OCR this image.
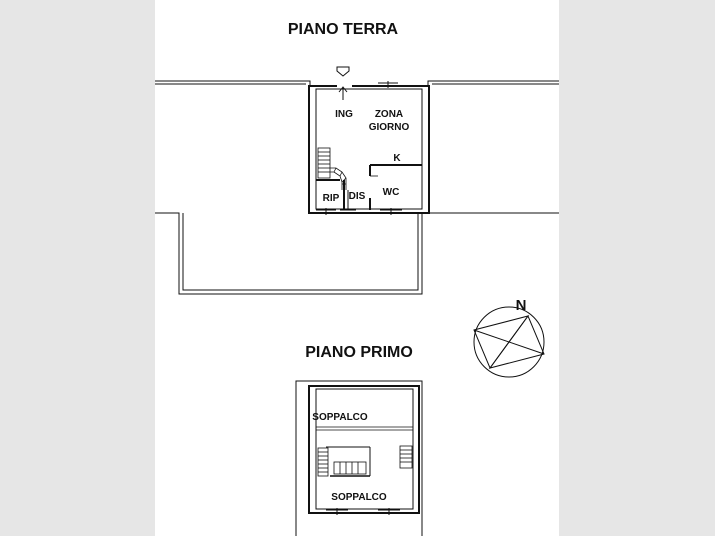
PIANO TERRA
ING ZONA
GIORNO
K
RIP DIS WC
N
PIANO PRIMO
SOPPALCO
SOPPALCO
